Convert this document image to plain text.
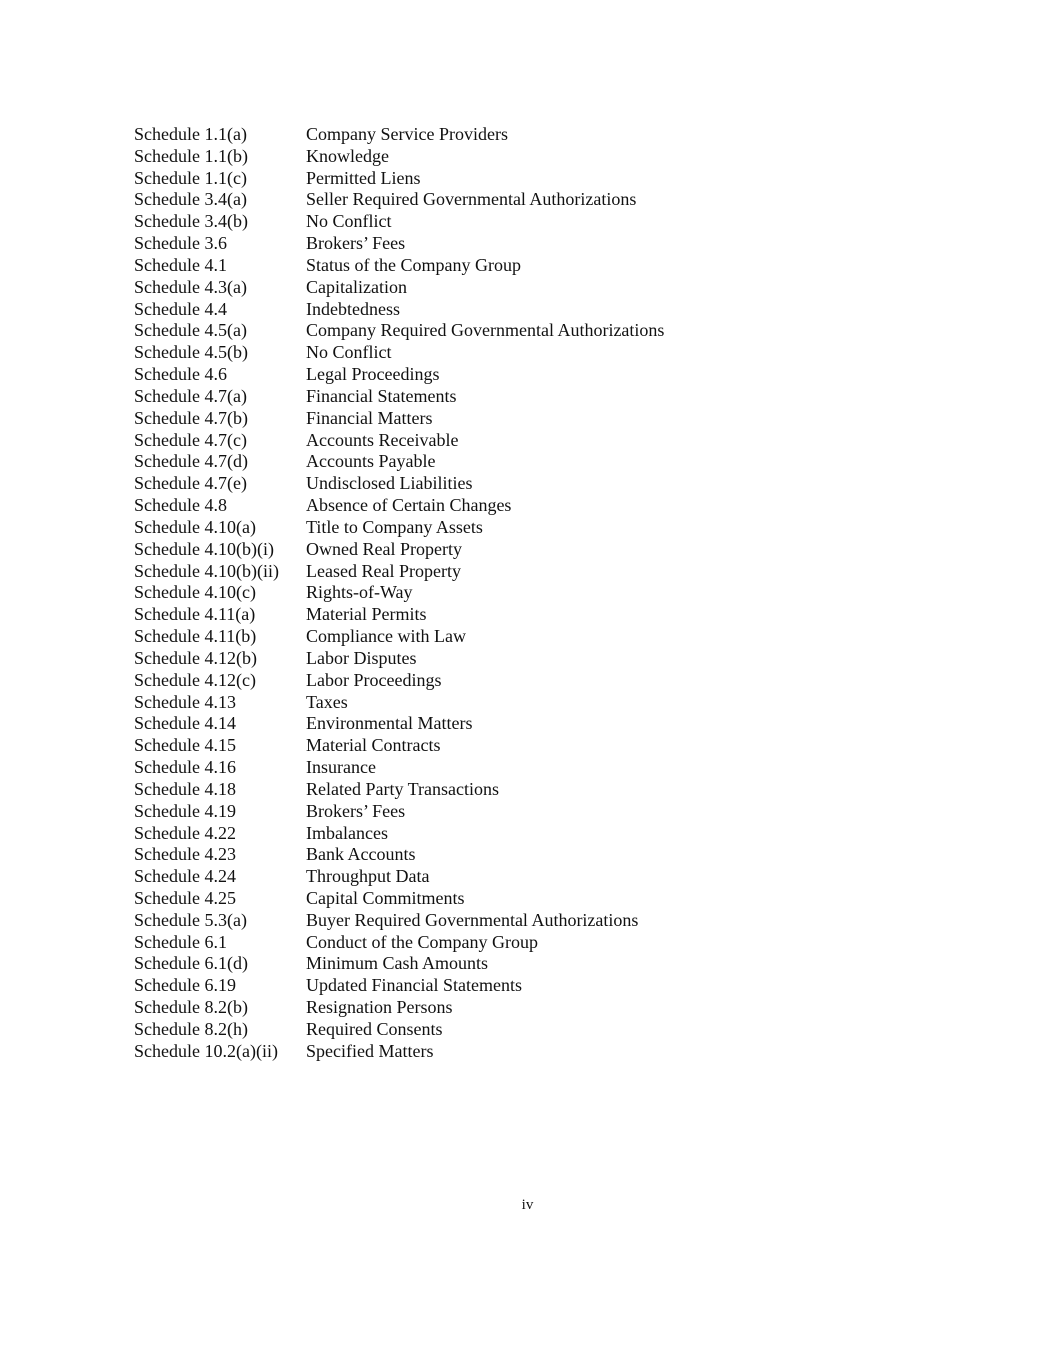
Schedule 1.1(a)	Company Service Providers
Schedule 1.1(b)	Knowledge
Schedule 1.1(c)	Permitted Liens
Schedule 3.4(a)	Seller Required Governmental Authorizations
Schedule 3.4(b)	No Conflict
Schedule 3.6	Brokers’ Fees
Schedule 4.1	Status of the Company Group
Schedule 4.3(a)	Capitalization
Schedule 4.4	Indebtedness
Schedule 4.5(a)	Company Required Governmental Authorizations
Schedule 4.5(b)	No Conflict
Schedule 4.6	Legal Proceedings
Schedule 4.7(a)	Financial Statements
Schedule 4.7(b)	Financial Matters
Schedule 4.7(c)	Accounts Receivable
Schedule 4.7(d)	Accounts Payable
Schedule 4.7(e)	Undisclosed Liabilities
Schedule 4.8	Absence of Certain Changes
Schedule 4.10(a)	Title to Company Assets
Schedule 4.10(b)(i)	Owned Real Property
Schedule 4.10(b)(ii)	Leased Real Property
Schedule 4.10(c)	Rights-of-Way
Schedule 4.11(a)	Material Permits
Schedule 4.11(b)	Compliance with Law
Schedule 4.12(b)	Labor Disputes
Schedule 4.12(c)	Labor Proceedings
Schedule 4.13	Taxes
Schedule 4.14	Environmental Matters
Schedule 4.15	Material Contracts
Schedule 4.16	Insurance
Schedule 4.18	Related Party Transactions
Schedule 4.19	Brokers’ Fees
Schedule 4.22	Imbalances
Schedule 4.23	Bank Accounts
Schedule 4.24	Throughput Data
Schedule 4.25	Capital Commitments
Schedule 5.3(a)	Buyer Required Governmental Authorizations
Schedule 6.1	Conduct of the Company Group
Schedule 6.1(d)	Minimum Cash Amounts
Schedule 6.19	Updated Financial Statements
Schedule 8.2(b)	Resignation Persons
Schedule 8.2(h)	Required Consents
Schedule 10.2(a)(ii)	Specified Matters
iv
